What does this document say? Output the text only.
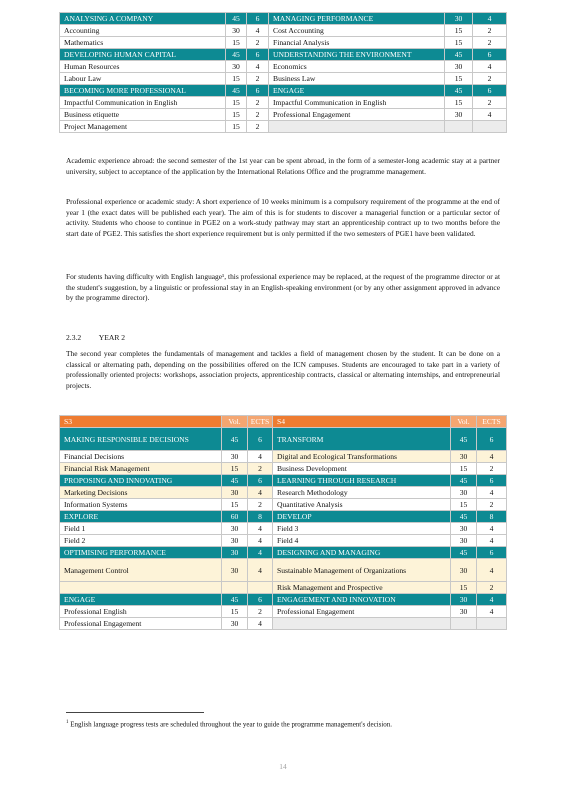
ANALYSING A COMPANY	45	6	MANAGING PERFORMANCE	30	4
Accounting	30	4	Cost Accounting	15	2
Mathematics	15	2	Financial Analysis	15	2
DEVELOPING HUMAN CAPITAL	45	6	UNDERSTANDING THE ENVIRONMENT	45	6
Human Resources	30	4	Economics	30	4
Labour Law	15	2	Business Law	15	2
BECOMING MORE PROFESSIONAL	45	6	ENGAGE	45	6
Impactful Communication in English	15	2	Impactful Communication in English	15	2
Business etiquette	15	2	Professional Engagement	30	4
Project Management	15	2			

Academic experience abroad: the second semester of the 1st year can be spent abroad, in the form of a semester-long academic stay at a partner university, subject to acceptance of the application by the International Relations Office and the programme management.

Professional experience or academic study: A short experience of 10 weeks minimum is a compulsory requirement of the programme at the end of year 1 (the exact dates will be published each year). The aim of this is for students to discover a managerial function or a particular sector of activity. Students who choose to continue in PGE2 on a work-study pathway may start an apprenticeship contract up to two months before the start date of PGE2. This satisfies the short experience requirement but is only permitted if the two semesters of PGE1 have been validated.

For students having difficulty with English language¹, this professional experience may be replaced, at the request of the programme director or at the student's suggestion, by a linguistic or professional stay in an English-speaking environment (or by any other assignment approved in advance by the programme director).

2.3.2 YEAR 2

The second year completes the fundamentals of management and tackles a field of management chosen by the student. It can be done on a classical or alternating path, depending on the possibilities offered on the ICN campuses. Students are encouraged to take part in a variety of professionally oriented projects: workshops, association projects, apprenticeship contracts, classical or alternating internships, and entrepreneurial projects.

S3	Vol.	ECTS	S4	Vol.	ECTS
MAKING RESPONSIBLE DECISIONS	45	6	TRANSFORM	45	6
Financial Decisions	30	4	Digital and Ecological Transformations	30	4
Financial Risk Management	15	2	Business Development	15	2
PROPOSING AND INNOVATING	45	6	LEARNING THROUGH RESEARCH	45	6
Marketing Decisions	30	4	Research Methodology	30	4
Information Systems	15	2	Quantitative Analysis	15	2
EXPLORE	60	8	DEVELOP	45	8
Field 1	30	4	Field 3	30	4
Field 2	30	4	Field 4	30	4
OPTIMISING PERFORMANCE	30	4	DESIGNING AND MANAGING	45	6
Management Control	30	4	Sustainable Management of Organizations	30	4
			Risk Management and Prospective	15	2
ENGAGE	45	6	ENGAGEMENT AND INNOVATION	30	4
Professional English	15	2	Professional Engagement	30	4
Professional Engagement	30	4			
$^1$ English language progress tests are scheduled throughout the year to guide the programme management's decision.
14
